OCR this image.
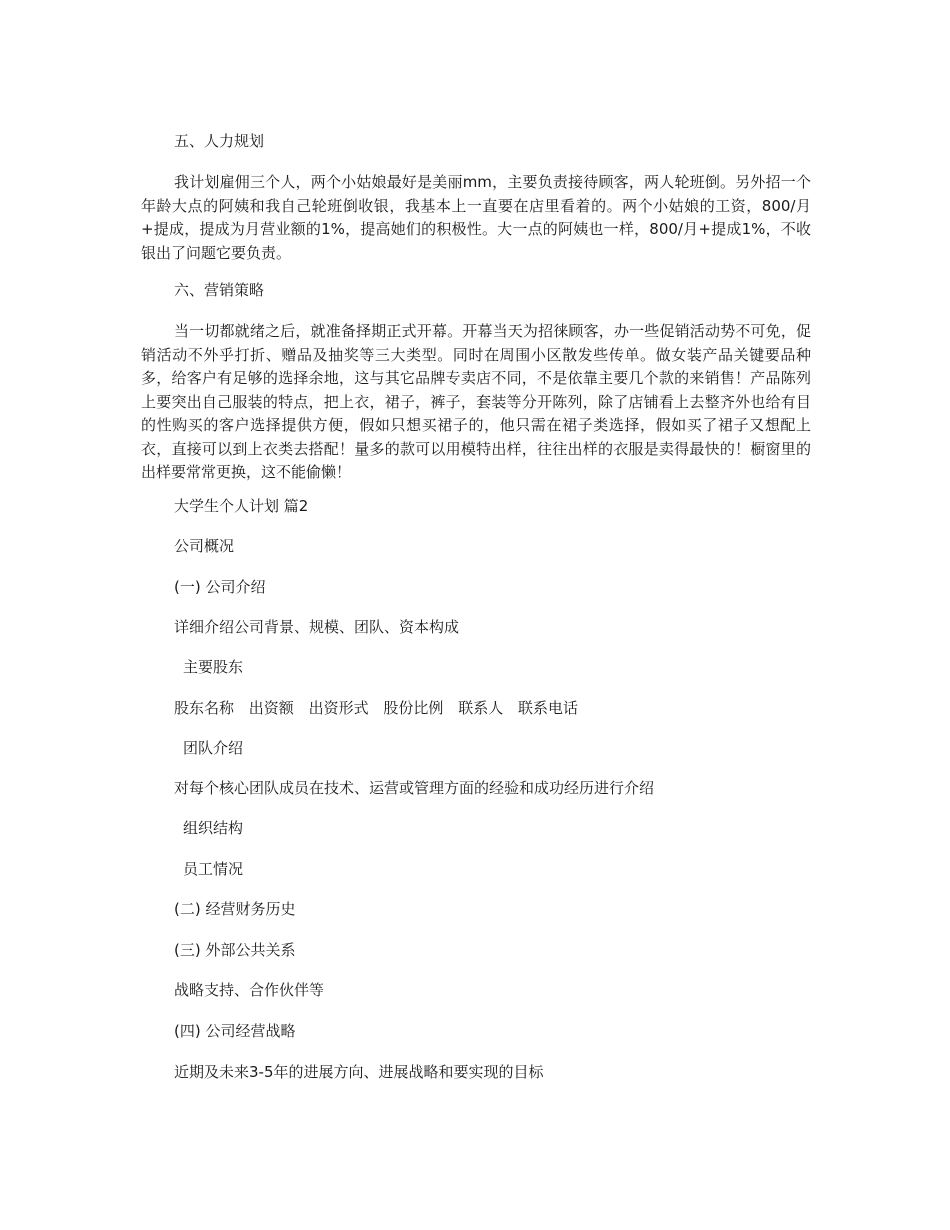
五、人力规划
我计划雇佣三个人，两个小姑娘最好是美丽mm，主要负责接待顾客，两人轮班倒。另外招一个年龄大点的阿姨和我自己轮班倒收银，我基本上一直要在店里看着的。两个小姑娘的工资，800/月+提成，提成为月营业额的1%，提高她们的积极性。大一点的阿姨也一样，800/月+提成1%，不收银出了问题它要负责。
六、营销策略
当一切都就绪之后，就准备择期正式开幕。开幕当天为招徕顾客，办一些促销活动势不可免，促销活动不外乎打折、赠品及抽奖等三大类型。同时在周围小区散发些传单。做女装产品关键要品种多，给客户有足够的选择余地，这与其它品牌专卖店不同，不是依靠主要几个款的来销售！产品陈列上要突出自己服装的特点，把上衣，裙子，裤子，套装等分开陈列，除了店铺看上去整齐外也给有目的性购买的客户选择提供方便，假如只想买裙子的，他只需在裙子类选择，假如买了裙子又想配上衣，直接可以到上衣类去搭配！量多的款可以用模特出样，往往出样的衣服是卖得最快的！橱窗里的出样要常常更换，这不能偷懒！
大学生个人计划 篇2
公司概况
(一) 公司介绍
详细介绍公司背景、规模、团队、资本构成
主要股东
股东名称 出资额 出资形式 股份比例 联系人 联系电话
团队介绍
对每个核心团队成员在技术、运营或管理方面的经验和成功经历进行介绍
组织结构
员工情况
(二) 经营财务历史
(三) 外部公共关系
战略支持、合作伙伴等
(四) 公司经营战略
近期及未来3-5年的进展方向、进展战略和要实现的目标
